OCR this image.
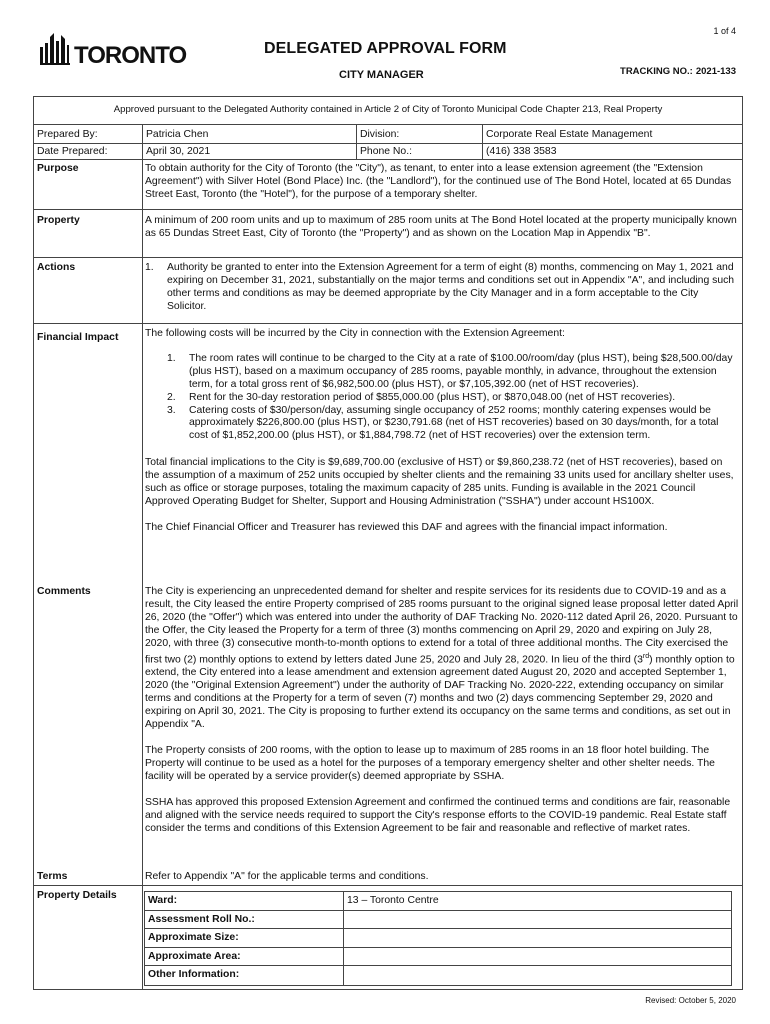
1 of 4
TORONTO	DELEGATED APPROVAL FORM
CITY MANAGER	TRACKING NO.: 2021-133
Approved pursuant to the Delegated Authority contained in Article 2 of City of Toronto Municipal Code Chapter 213, Real Property
Prepared By:	Patricia Chen	Division:	Corporate Real Estate Management
Date Prepared:	April 30, 2021	Phone No.:	(416) 338 3583
Purpose	To obtain authority for the City of Toronto (the "City"), as tenant, to enter into a lease extension agreement (the "Extension Agreement") with Silver Hotel (Bond Place) Inc. (the "Landlord"), for the continued use of The Bond Hotel, located at 65 Dundas Street East, Toronto (the "Hotel"), for the purpose of a temporary shelter.
Property	A minimum of 200 room units and up to maximum of 285 room units at The Bond Hotel located at the property municipally known as 65 Dundas Street East, City of Toronto (the "Property") and as shown on the Location Map in Appendix "B".
Actions	1. Authority be granted to enter into the Extension Agreement for a term of eight (8) months, commencing on May 1, 2021 and expiring on December 31, 2021, substantially on the major terms and conditions set out in Appendix "A", and including such other terms and conditions as may be deemed appropriate by the City Manager and in a form acceptable to the City Solicitor.
Financial Impact	The following costs will be incurred by the City in connection with the Extension Agreement:

1. The room rates will continue to be charged to the City at a rate of $100.00/room/day (plus HST), being $28,500.00/day (plus HST), based on a maximum occupancy of 285 rooms, payable monthly, in advance, throughout the extension term, for a total gross rent of $6,982,500.00 (plus HST), or $7,105,392.00 (net of HST recoveries).
2. Rent for the 30-day restoration period of $855,000.00 (plus HST), or $870,048.00 (net of HST recoveries).
3. Catering costs of $30/person/day, assuming single occupancy of 252 rooms; monthly catering expenses would be approximately $226,800.00 (plus HST), or $230,791.68 (net of HST recoveries) based on 30 days/month, for a total cost of $1,852,200.00 (plus HST), or $1,884,798.72 (net of HST recoveries) over the extension term.

Total financial implications to the City is $9,689,700.00 (exclusive of HST) or $9,860,238.72 (net of HST recoveries), based on the assumption of a maximum of 252 units occupied by shelter clients and the remaining 33 units used for ancillary shelter uses, such as office or storage purposes, totaling the maximum capacity of 285 units. Funding is available in the 2021 Council Approved Operating Budget for Shelter, Support and Housing Administration ("SSHA") under account HS100X.

The Chief Financial Officer and Treasurer has reviewed this DAF and agrees with the financial impact information.

Comments	The City is experiencing an unprecedented demand for shelter and respite services for its residents due to COVID-19 and as a result, the City leased the entire Property comprised of 285 rooms pursuant to the original signed lease proposal letter dated April 26, 2020 (the "Offer") which was entered into under the authority of DAF Tracking No. 2020-112 dated April 26, 2020. Pursuant to the Offer, the City leased the Property for a term of three (3) months commencing on April 29, 2020 and expiring on July 28, 2020, with three (3) consecutive month-to-month options to extend for a total of three additional months. The City exercised the first two (2) monthly options to extend by letters dated June 25, 2020 and July 28, 2020. In lieu of the third (3rd) monthly option to extend, the City entered into a lease amendment and extension agreement dated August 20, 2020 and accepted September 1, 2020 (the "Original Extension Agreement") under the authority of DAF Tracking No. 2020-222, extending occupancy on similar terms and conditions at the Property for a term of seven (7) months and two (2) days commencing September 29, 2020 and expiring on April 30, 2021. The City is proposing to further extend its occupancy on the same terms and conditions, as set out in Appendix "A.

The Property consists of 200 rooms, with the option to lease up to maximum of 285 rooms in an 18 floor hotel building. The Property will continue to be used as a hotel for the purposes of a temporary emergency shelter and other shelter needs. The facility will be operated by a service provider(s) deemed appropriate by SSHA.

SSHA has approved this proposed Extension Agreement and confirmed the continued terms and conditions are fair, reasonable and aligned with the service needs required to support the City's response efforts to the COVID-19 pandemic. Real Estate staff consider the terms and conditions of this Extension Agreement to be fair and reasonable and reflective of market rates.

Terms	Refer to Appendix "A" for the applicable terms and conditions.
Property Details	Ward:	13 – Toronto Centre
Assessment Roll No.:
Approximate Size:
Approximate Area:
Other Information:
Revised: October 5, 2020
